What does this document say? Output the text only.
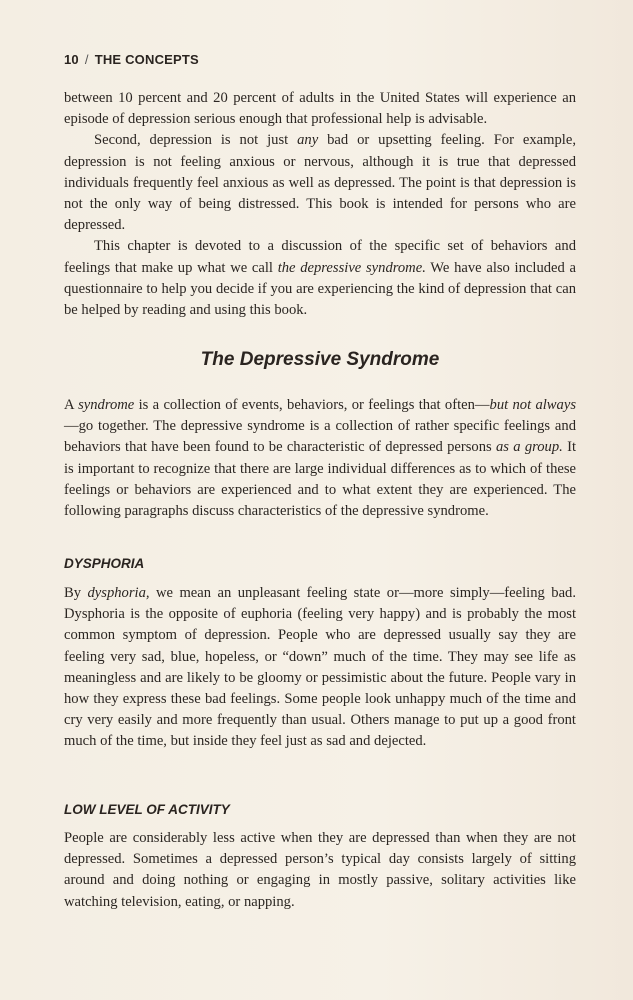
10 / THE CONCEPTS

between 10 percent and 20 percent of adults in the United States will experience an episode of depression serious enough that professional help is advisable.

Second, depression is not just any bad or upsetting feeling. For example, depression is not feeling anxious or nervous, although it is true that depressed individuals frequently feel anxious as well as depressed. The point is that depression is not the only way of being distressed. This book is intended for persons who are depressed.

This chapter is devoted to a discussion of the specific set of behaviors and feelings that make up what we call the depressive syndrome. We have also included a questionnaire to help you decide if you are experiencing the kind of depression that can be helped by reading and using this book.

The Depressive Syndrome

A syndrome is a collection of events, behaviors, or feelings that often—but not always—go together. The depressive syndrome is a collection of rather specific feelings and behaviors that have been found to be characteristic of depressed persons as a group. It is important to recognize that there are large individual differences as to which of these feelings or behaviors are experienced and to what extent they are experienced. The following paragraphs discuss characteristics of the depressive syndrome.

DYSPHORIA

By dysphoria, we mean an unpleasant feeling state or—more simply—feeling bad. Dysphoria is the opposite of euphoria (feeling very happy) and is probably the most common symptom of depression. People who are depressed usually say they are feeling very sad, blue, hopeless, or “down” much of the time. They may see life as meaningless and are likely to be gloomy or pessimistic about the future. People vary in how they express these bad feelings. Some people look unhappy much of the time and cry very easily and more frequently than usual. Others manage to put up a good front much of the time, but inside they feel just as sad and dejected.

LOW LEVEL OF ACTIVITY

People are considerably less active when they are depressed than when they are not depressed. Sometimes a depressed person’s typical day consists largely of sitting around and doing nothing or engaging in mostly passive, solitary activities like watching television, eating, or napping.
